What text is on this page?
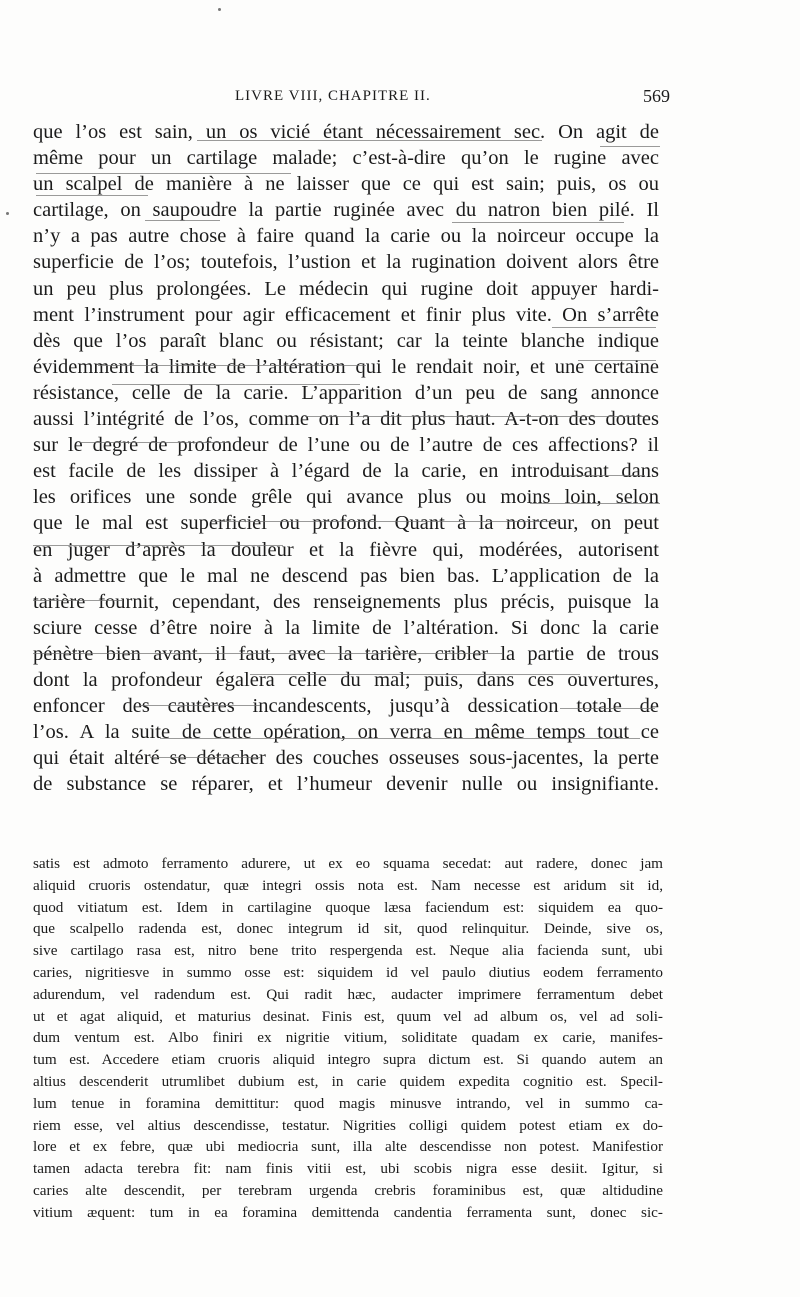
LIVRE VIII, CHAPITRE II.	569
que l’os est sain, un os vicié étant nécessairement sec. On agit de
même pour un cartilage malade; c’est-à-dire qu’on le rugine avec
un scalpel de manière à ne laisser que ce qui est sain; puis, os ou
cartilage, on saupoudre la partie ruginée avec du natron bien pilé. Il
n’y a pas autre chose à faire quand la carie ou la noirceur occupe la
superficie de l’os; toutefois, l’ustion et la rugination doivent alors être
un peu plus prolongées. Le médecin qui rugine doit appuyer hardi-
ment l’instrument pour agir efficacement et finir plus vite. On s’arrête
dès que l’os paraît blanc ou résistant; car la teinte blanche indique
évidemment la limite de l’altération qui le rendait noir, et une certaine
résistance, celle de la carie. L’apparition d’un peu de sang annonce
aussi l’intégrité de l’os, comme on l’a dit plus haut. A-t-on des doutes
sur le degré de profondeur de l’une ou de l’autre de ces affections? il
est facile de les dissiper à l’égard de la carie, en introduisant dans
les orifices une sonde grêle qui avance plus ou moins loin, selon
que le mal est superficiel ou profond. Quant à la noirceur, on peut
en juger d’après la douleur et la fièvre qui, modérées, autorisent
à admettre que le mal ne descend pas bien bas. L’application de la
tarière fournit, cependant, des renseignements plus précis, puisque la
sciure cesse d’être noire à la limite de l’altération. Si donc la carie
pénètre bien avant, il faut, avec la tarière, cribler la partie de trous
dont la profondeur égalera celle du mal; puis, dans ces ouvertures,
enfoncer des cautères incandescents, jusqu’à dessication totale de
l’os. A la suite de cette opération, on verra en même temps tout ce
qui était altéré se détacher des couches osseuses sous-jacentes, la perte
de substance se réparer, et l’humeur devenir nulle ou insignifiante.
satis est admoto ferramento adurere, ut ex eo squama secedat: aut radere, donec jam
aliquid cruoris ostendatur, quæ integri ossis nota est. Nam necesse est aridum sit id,
quod vitiatum est. Idem in cartilagine quoque læsa faciendum est: siquidem ea quo-
que scalpello radenda est, donec integrum id sit, quod relinquitur. Deinde, sive os,
sive cartilago rasa est, nitro bene trito respergenda est. Neque alia facienda sunt, ubi
caries, nigritiesve in summo osse est: siquidem id vel paulo diutius eodem ferramento
adurendum, vel radendum est. Qui radit hæc, audacter imprimere ferramentum debet
ut et agat aliquid, et maturius desinat. Finis est, quum vel ad album os, vel ad soli-
dum ventum est. Albo finiri ex nigritie vitium, soliditate quadam ex carie, manifes-
tum est. Accedere etiam cruoris aliquid integro supra dictum est. Si quando autem an
altius descenderit utrumlibet dubium est, in carie quidem expedita cognitio est. Specil-
lum tenue in foramina demittitur: quod magis minusve intrando, vel in summo ca-
riem esse, vel altius descendisse, testatur. Nigrities colligi quidem potest etiam ex do-
lore et ex febre, quæ ubi mediocria sunt, illa alte descendisse non potest. Manifestior
tamen adacta terebra fit: nam finis vitii est, ubi scobis nigra esse desiit. Igitur, si
caries alte descendit, per terebram urgenda crebris foraminibus est, quæ altidudine
vitium æquent: tum in ea foramina demittenda candentia ferramenta sunt, donec sic-
